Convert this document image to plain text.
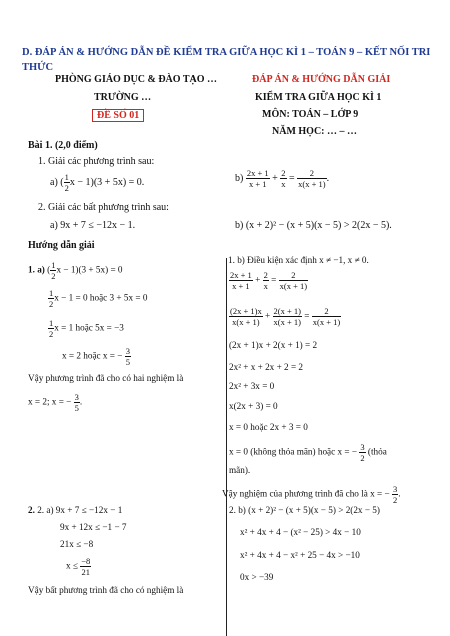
D. ĐÁP ÁN & HƯỚNG DẪN ĐỀ KIỂM TRA GIỮA HỌC KÌ 1 – TOÁN 9 – KẾT NỐI TRI THỨC
PHÒNG GIÁO DỤC & ĐÀO TẠO …
TRƯỜNG …
ĐỀ SỐ 01
ĐÁP ÁN & HƯỚNG DẪN GIẢI
KIỂM TRA GIỮA HỌC KÌ 1
MÔN: TOÁN – LỚP 9
NĂM HỌC: … – …
Bài 1. (2,0 điểm)
1. Giải các phương trình sau:
a) ( $\frac{1}{2}$ x − 1)(3 + 5x) = 0.	$b) \frac{2x + 1}{x + 1} + \frac{2}{x} = \frac{2}{x(x + 1)}$ .
2. Giải các bất phương trình sau:
a) 9x + 7 ≤ −12x − 1.	b) (x + 2)² − (x + 5)(x − 5) > 2(2x − 5).
Hướng dẫn giải
1. a) ( $\frac{1}{2}$ x − 1)(3 + 5x) = 0
$\frac{1}{2}$ x − 1 = 0 hoặc 3 + 5x = 0
$\frac{1}{2}$ x = 1 hoặc 5x = −3
x = 2 hoặc x = − $\frac{3}{5}$
Vậy phương trình đã cho có hai nghiệm là
x = 2; x = − $\frac{3}{5}$ .
2. 2. a) 9x + 7 ≤ −12x − 1
9x + 12x ≤ −1 − 7
21x ≤ −8
$x \le \frac{-8}{21}$
Vậy bất phương trình đã cho có nghiệm là
1. b) Điều kiện xác định x ≠ −1, x ≠ 0.
$\frac{2x + 1}{x + 1} + \frac{2}{x} = \frac{2}{x(x + 1)}$
$\frac{(2x + 1)x}{x(x + 1)} + \frac{2(x + 1)}{x(x + 1)} = \frac{2}{x(x + 1)}$
(2x + 1)x + 2(x + 1) = 2
2x² + x + 2x + 2 = 2
2x² + 3x = 0
x(2x + 3) = 0
x = 0 hoặc 2x + 3 = 0
x = 0 (không thỏa mãn) hoặc x = − $\frac{3}{2}$ (thỏa
mãn).
Vậy nghiệm của phương trình đã cho là x = − $\frac{3}{2}$ .
2. b) (x + 2)² − (x + 5)(x − 5) > 2(2x − 5)
x² + 4x + 4 − (x² − 25) > 4x − 10
x² + 4x + 4 − x² + 25 − 4x > −10
0x > −39
